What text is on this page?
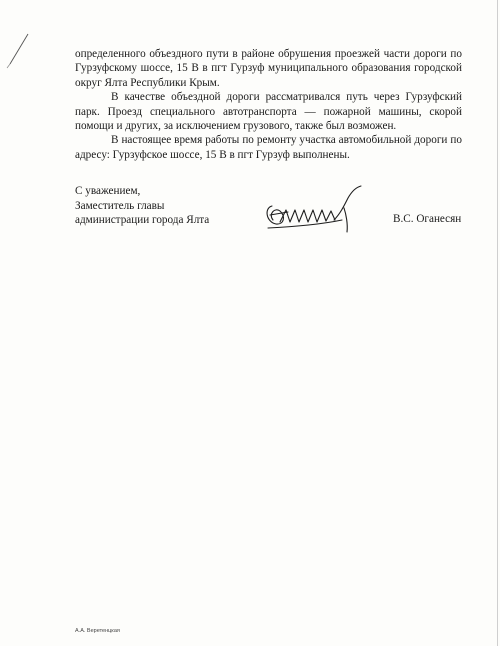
определенного объездного пути в районе обрушения проезжей части дороги по Гурзуфскому шоссе, 15 В в пгт Гурзуф муниципального образования городской округ Ялта Республики Крым.

В качестве объездной дороги рассматривался путь через Гурзуфский парк. Проезд специального автотранспорта — пожарной машины, скорой помощи и других, за исключением грузового, также был возможен.

В настоящее время работы по ремонту участка автомобильной дороги по адресу: Гурзуфское шоссе, 15 В в пгт Гурзуф выполнены.

С уважением,
Заместитель главы
администрации города Ялта	В.С. Оганесян
А.А. Веретенцкая
